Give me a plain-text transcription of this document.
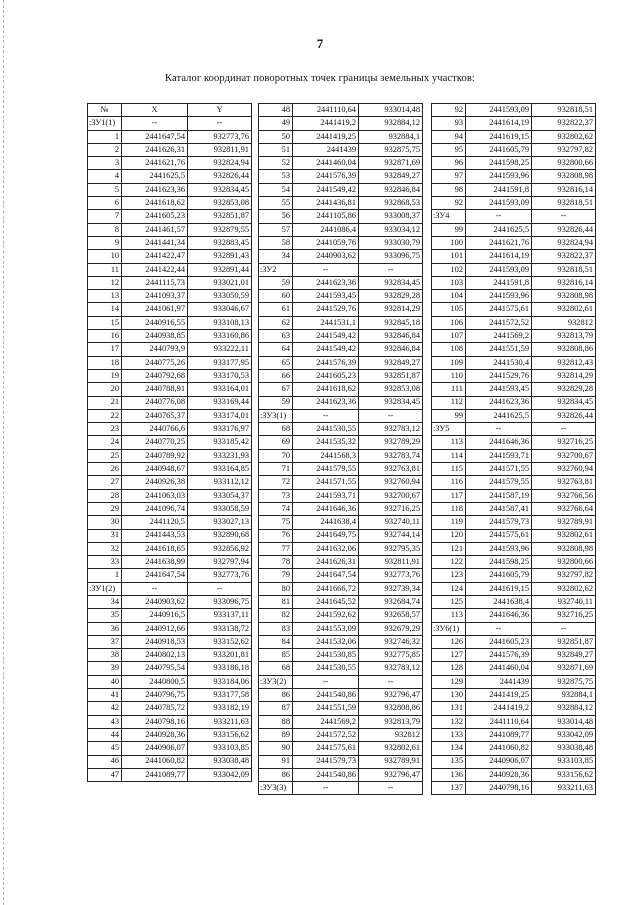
7
Каталог координат поворотных точек границы земельных участков:
№	X	Y
:ЗУ1(1)	--	--
1	2441647,54	932773,76
2	2441626,31	932811,91
3	2441621,76	932824,94
4	2441625,5	932826,44
5	2441623,36	932834,45
6	2441618,62	932853,08
7	2441605,23	932851,87
8	2441461,57	932879,55
9	2441441,34	932883,45
10	2441422,47	932891,43
11	2441422,44	932891,44
12	2441115,73	933021,01
13	2441093,37	933050,59
14	2441061,97	933046,67
15	2440916,55	933108,13
16	2440938,85	933160,86
17	2440793,9	933222,11
18	2440775,26	933177,95
19	2440792,68	933170,53
20	2440788,91	933164,01
21	2440776,08	933169,44
22	2440765,37	933174,01
23	2440766,6	933176,97
24	2440770,25	933185,42
25	2440789,92	933231,93
26	2440948,67	933164,85
27	2440926,38	933112,12
28	2441063,03	933054,37
29	2441096,74	933058,59
30	2441120,5	933027,13
31	2441443,53	932890,68
32	2441618,65	932856,92
33	2441638,99	932797,94
1	2441647,54	932773,76
:ЗУ1(2)	--	--
34	2440903,62	933096,75
35	2440916,5	933137,11
36	2440912,66	933138,72
37	2440918,53	933152,62
38	2440802,13	933201,81
39	2440795,54	933186,18
40	2440800,5	933184,06
41	2440796,75	933177,58
42	2440785,72	933182,19
43	2440798,16	933211,63
44	2440928,36	933156,62
45	2440906,07	933103,85
46	2441060,82	933038,48
47	2441089,77	933042,09
48	2441110,64	933014,48
49	2441419,2	932884,12
50	2441419,25	932884,1
51	2441439	932875,75
52	2441460,04	932871,69
53	2441576,39	932849,27
54	2441549,42	932846,84
55	2441436,81	932868,53
56	2441105,86	933008,37
57	2441086,4	933034,12
58	2441059,76	933030,79
34	2440903,62	933096,75
:ЗУ2	--	--
59	2441623,36	932834,45
60	2441593,45	932829,28
61	2441529,76	932814,29
62	2441531,1	932845,18
63	2441549,42	932846,84
64	2441549,42	932846,84
65	2441576,39	932849,27
66	2441605,23	932851,87
67	2441618,62	932853,08
59	2441623,36	932834,45
:ЗУ3(1)	--	--
68	2441530,55	932783,12
69	2441535,32	932789,29
70	2441568,3	932783,74
71	2441579,55	932763,81
72	2441571,55	932760,94
73	2441593,71	932700,67
74	2441646,36	932716,25
75	2441638,4	932740,11
76	2441649,75	932744,14
77	2441632,06	932795,35
78	2441626,31	932811,91
79	2441647,54	932773,76
80	2441666,72	932739,34
81	2441645,52	932684,74
82	2441592,62	932658,57
83	2441553,09	932679,29
84	2441532,06	932746,32
85	2441530,85	932775,85
68	2441530,55	932783,12
:ЗУ3(2)	--	--
86	2441540,86	932796,47
87	2441551,59	932808,86
88	2441569,2	932813,79
89	2441572,52	932812
90	2441575,61	932802,61
91	2441579,73	932789,91
86	2441540,86	932796,47
:ЗУ3(3)	--	--
92	2441593,09	932818,51
93	2441614,19	932822,37
94	2441619,15	932802,62
95	2441605,79	932797,82
96	2441598,25	932800,66
97	2441593,96	932808,98
98	2441591,8	932816,14
92	2441593,09	932818,51
:ЗУ4	--	--
99	2441625,5	932826,44
100	2441621,76	932824,94
101	2441614,19	932822,37
102	2441593,09	932818,51
103	2441591,8	932816,14
104	2441593,96	932808,98
105	2441575,61	932802,61
106	2441572,52	932812
107	2441569,2	932813,79
108	2441551,59	932808,86
109	2441530,4	932812,43
110	2441529,76	932814,29
111	2441593,45	932829,28
112	2441623,36	932834,45
99	2441625,5	932826,44
:ЗУ5	--	--
113	2441646,36	932716,25
114	2441593,71	932700,67
115	2441571,55	932760,94
116	2441579,55	932763,81
117	2441587,19	932766,56
118	2441587,41	932766,64
119	2441579,73	932789,91
120	2441575,61	932802,61
121	2441593,96	932808,98
122	2441598,25	932800,66
123	2441605,79	932797,82
124	2441619,15	932802,62
125	2441638,4	932740,11
113	2441646,36	932716,25
:ЗУ6(1)	--	--
126	2441605,23	932851,87
127	2441576,39	932849,27
128	2441460,04	932871,69
129	2441439	932875,75
130	2441419,25	932884,1
131	2441419,2	932884,12
132	2441110,64	933014,48
133	2441089,77	933042,09
134	2441060,82	933038,48
135	2440906,07	933103,85
136	2440928,36	933156,62
137	2440798,16	933211,63
